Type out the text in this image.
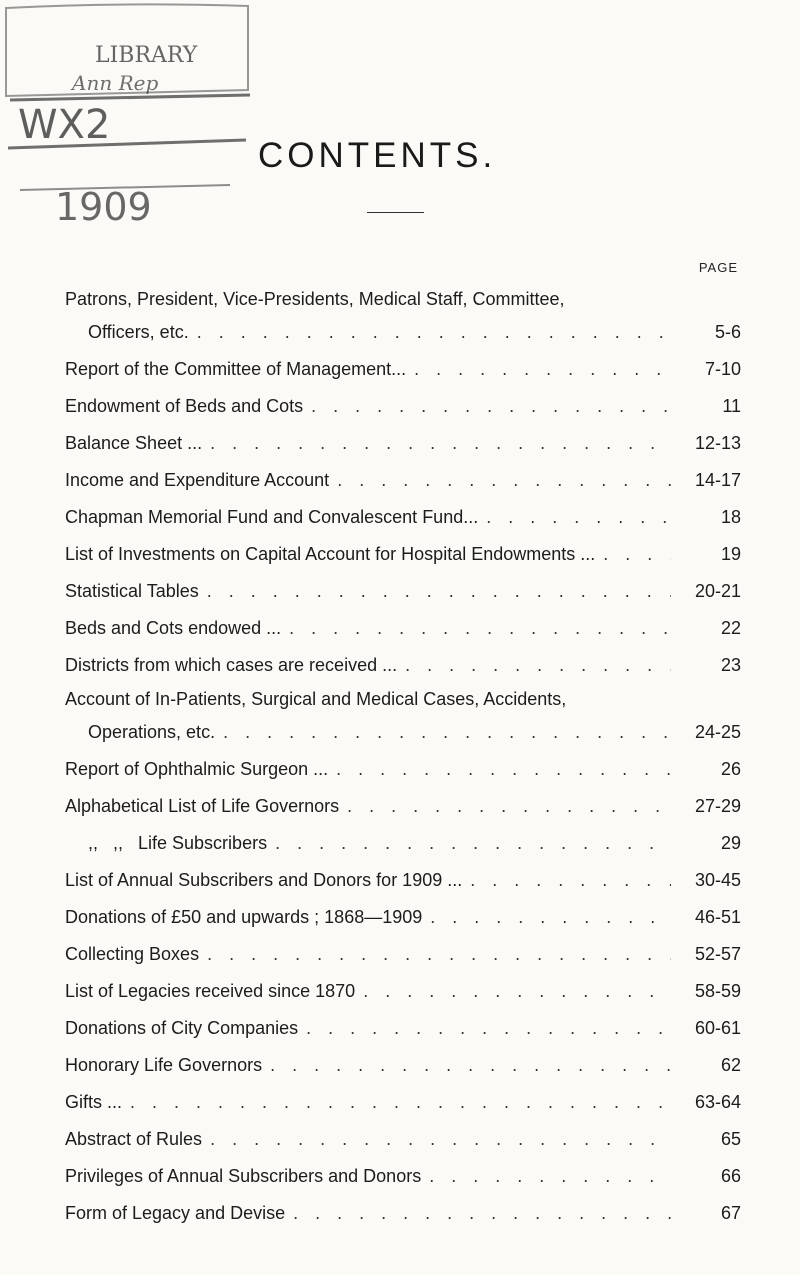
LIBRARY
Ann Rep
WX2
1909
CONTENTS.
PAGE
Patrons, President, Vice-Presidents, Medical Staff, Committee,
Officers, etc. . . .	5-6
Report of the Committee of Management... . . .	7-10
Endowment of Beds and Cots . . .	11
Balance Sheet ... . . .	12-13
Income and Expenditure Account . . .	14-17
Chapman Memorial Fund and Convalescent Fund... . . .	18
List of Investments on Capital Account for Hospital Endowments ... . . .	19
Statistical Tables . . .	20-21
Beds and Cots endowed ... . . .	22
Districts from which cases are received ... . . .	23
Account of In-Patients, Surgical and Medical Cases, Accidents,
Operations, etc. . . .	24-25
Report of Ophthalmic Surgeon ... . . .	26
Alphabetical List of Life Governors . . .	27-29
,,   ,,   Life Subscribers . . .	29
List of Annual Subscribers and Donors for 1909 ... . . .	30-45
Donations of £50 and upwards ; 1868—1909 . . .	46-51
Collecting Boxes . . .	52-57
List of Legacies received since 1870 . . .	58-59
Donations of City Companies . . .	60-61
Honorary Life Governors . . .	62
Gifts ... . . .	63-64
Abstract of Rules . . .	65
Privileges of Annual Subscribers and Donors . . .	66
Form of Legacy and Devise . . .	67
